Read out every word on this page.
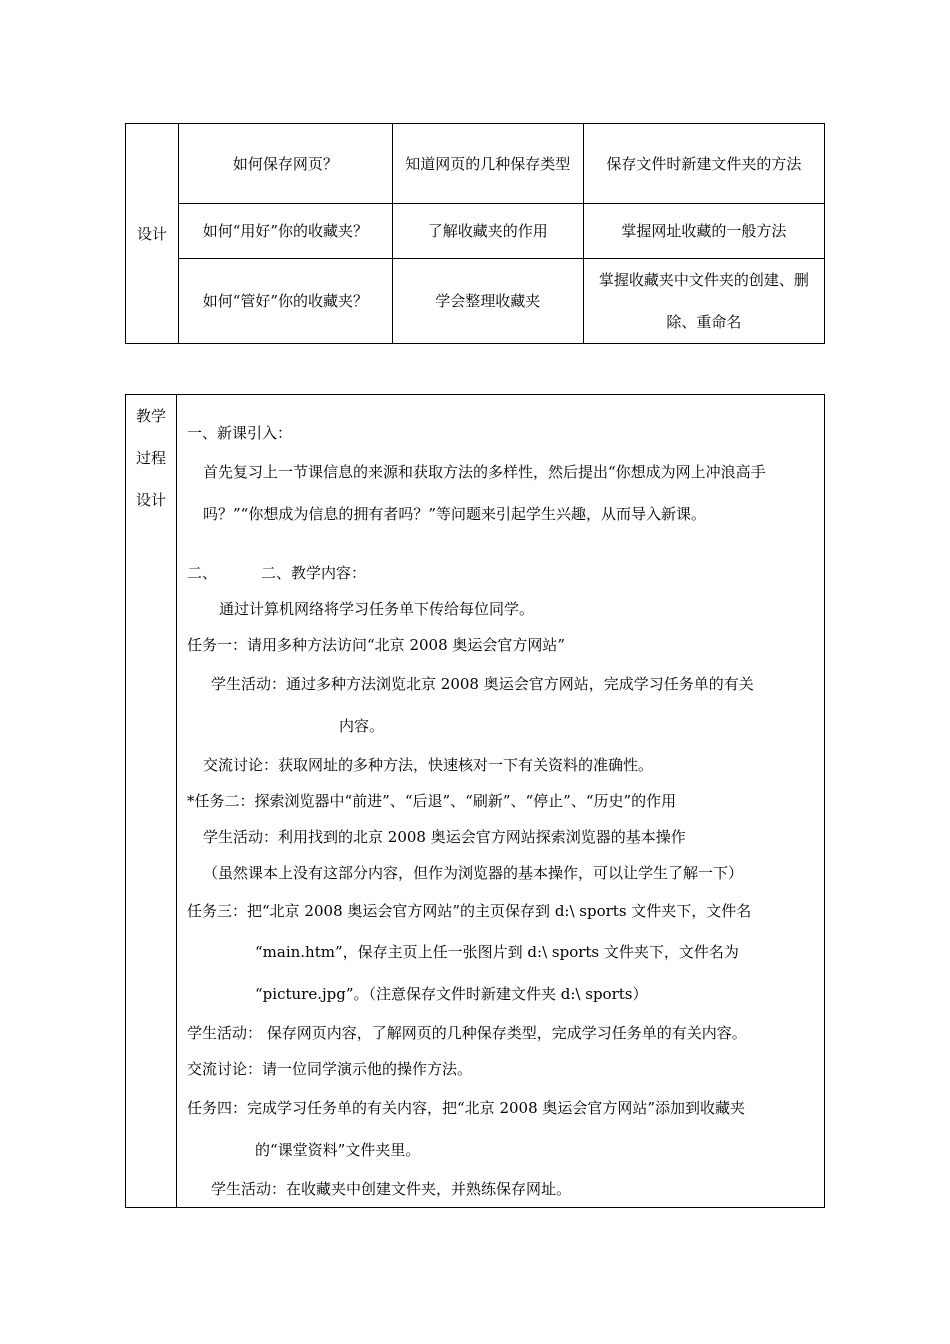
设计	如何保存网页？	知道网页的几种保存类型	保存文件时新建文件夹的方法
	如何“用好”你的收藏夹？	了解收藏夹的作用	掌握网址收藏的一般方法
	如何“管好”你的收藏夹？	学会整理收藏夹	掌握收藏夹中文件夹的创建、删除、重命名
教学过程设计

一、新课引入：
首先复习上一节课信息的来源和获取方法的多样性，然后提出“你想成为网上冲浪高手吗？”“你想成为信息的拥有者吗？”等问题来引起学生兴趣，从而导入新课。
二、	二、教学内容：
通过计算机网络将学习任务单下传给每位同学。
任务一：请用多种方法访问“北京 2008 奥运会官方网站”
学生活动：通过多种方法浏览北京 2008 奥运会官方网站，完成学习任务单的有关
内容。
交流讨论：获取网址的多种方法，快速核对一下有关资料的准确性。
*任务二：探索浏览器中“前进”、“后退”、“刷新”、“停止”、“历史”的作用
学生活动：利用找到的北京 2008 奥运会官方网站探索浏览器的基本操作
（虽然课本上没有这部分内容，但作为浏览器的基本操作，可以让学生了解一下）
任务三：把“北京 2008 奥运会官方网站”的主页保存到 d:\ sports 文件夹下，文件名
“main.htm”，保存主页上任一张图片到 d:\ sports 文件夹下，文件名为
“picture.jpg”。（注意保存文件时新建文件夹 d:\ sports）
学生活动： 保存网页内容，了解网页的几种保存类型，完成学习任务单的有关内容。
交流讨论：请一位同学演示他的操作方法。
任务四：完成学习任务单的有关内容，把“北京 2008 奥运会官方网站”添加到收藏夹
的“课堂资料”文件夹里。
学生活动：在收藏夹中创建文件夹，并熟练保存网址。
